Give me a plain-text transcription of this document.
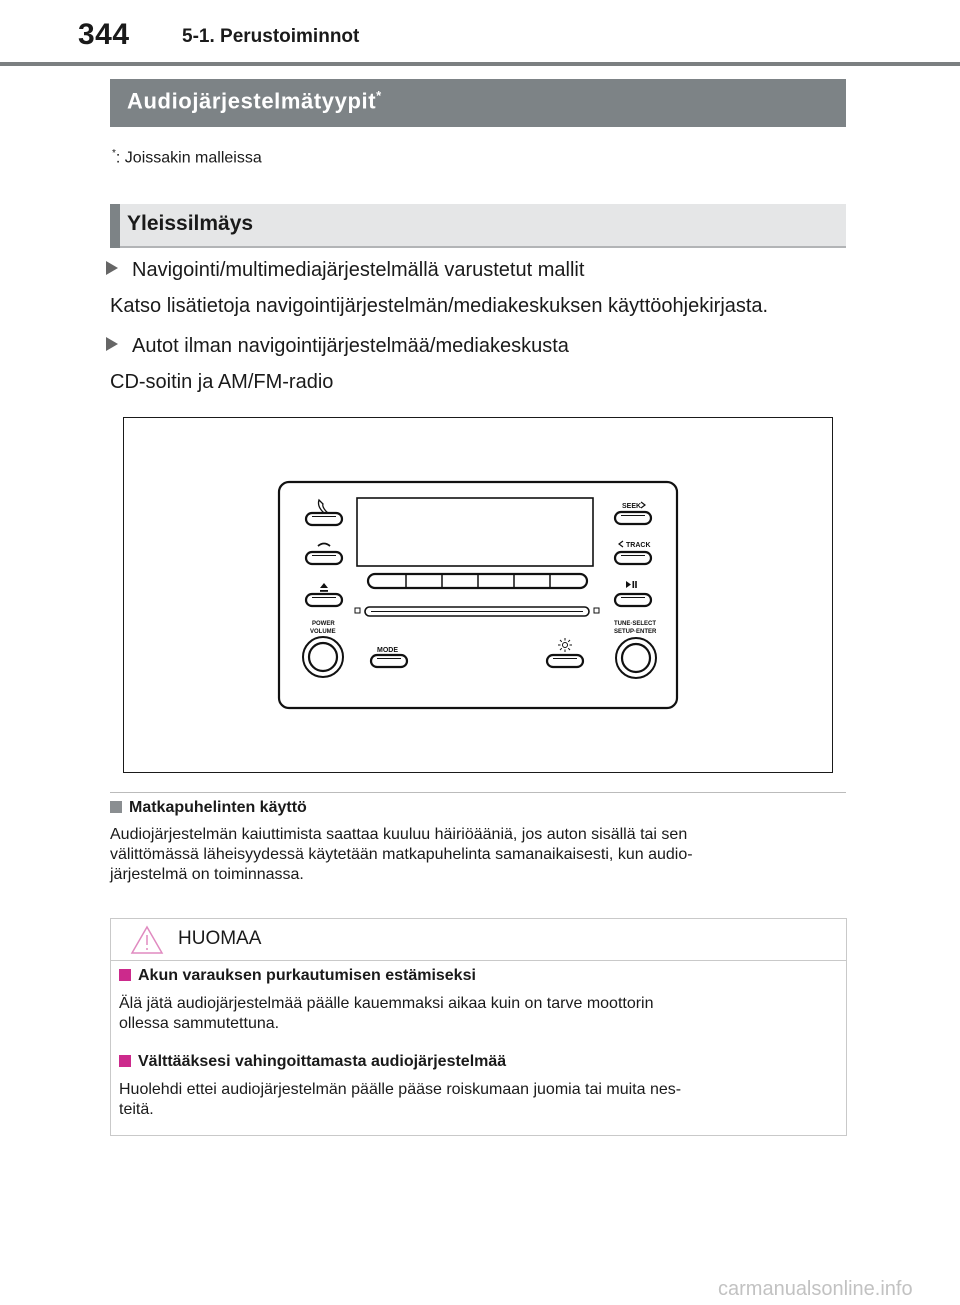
344	5-1. Perustoiminnot
Audiojärjestelmätyypit*
*: Joissakin malleissa
Yleissilmäys
Navigointi/multimediajärjestelmällä varustetut mallit
Katso lisätietoja navigointijärjestelmän/mediakeskuksen käyttöohjekirjasta.
Autot ilman navigointijärjestelmää/mediakeskusta
CD-soitin ja AM/FM-radio
SEEK
TRACK
POWER
VOLUME
TUNE·SELECT
SETUP·ENTER
MODE
Matkapuhelinten käyttö
Audiojärjestelmän kaiuttimista saattaa kuuluu häiriöääniä, jos auton sisällä tai sen
välittömässä läheisyydessä käytetään matkapuhelinta samanaikaisesti, kun audio-
järjestelmä on toiminnassa.
HUOMAA
Akun varauksen purkautumisen estämiseksi
Älä jätä audiojärjestelmää päälle kauemmaksi aikaa kuin on tarve moottorin
ollessa sammutettuna.
Välttääksesi vahingoittamasta audiojärjestelmää
Huolehdi ettei audiojärjestelmän päälle pääse roiskumaan juomia tai muita nes-
teitä.
carmanualsonline.info
